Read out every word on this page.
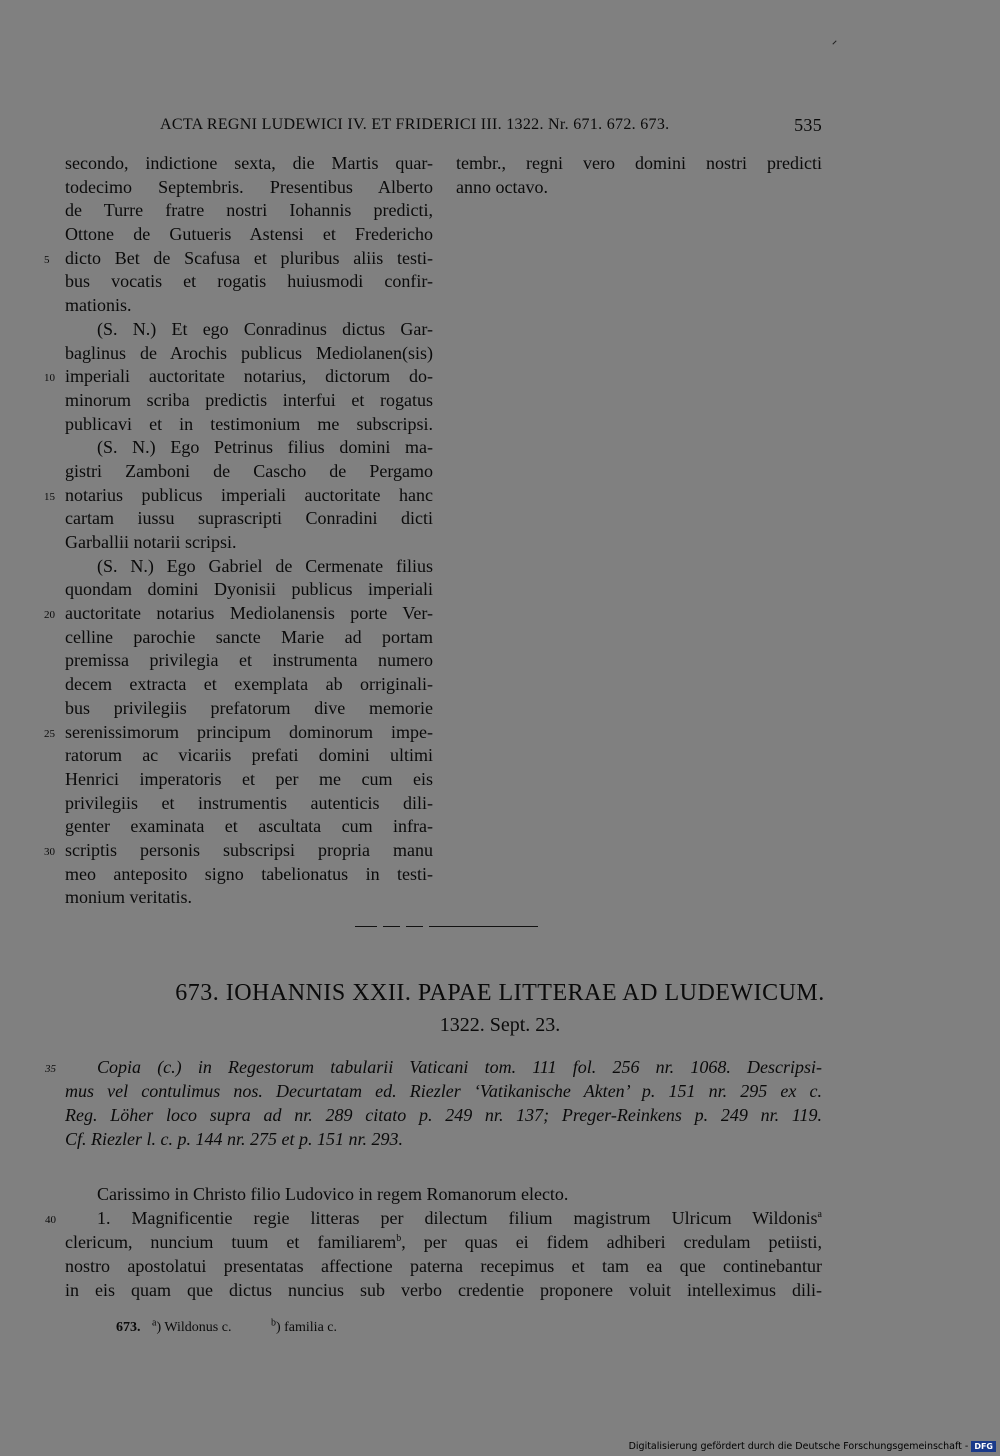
ACTA REGNI LUDEWICI IV. ET FRIDERICI III. 1322. Nr. 671. 672. 673.	535
secondo, indictione sexta, die Martis quar-
todecimo Septembris. Presentibus Alberto
de Turre fratre nostri Iohannis predicti,
Ottone de Gutueris Astensi et Fredericho
5 dicto Bet de Scafusa et pluribus aliis testi-
bus vocatis et rogatis huiusmodi confir-
mationis.
(S. N.) Et ego Conradinus dictus Gar-
baglinus de Arochis publicus Mediolanen(sis)
10 imperiali auctoritate notarius, dictorum do-
minorum scriba predictis interfui et rogatus
publicavi et in testimonium me subscripsi.
(S. N.) Ego Petrinus filius domini ma-
gistri Zamboni de Cascho de Pergamo
15 notarius publicus imperiali auctoritate hanc
cartam iussu suprascripti Conradini dicti
Garballii notarii scripsi.
(S. N.) Ego Gabriel de Cermenate filius
quondam domini Dyonisii publicus imperiali
20 auctoritate notarius Mediolanensis porte Ver-
celline parochie sancte Marie ad portam
premissa privilegia et instrumenta numero
decem extracta et exemplata ab orriginali-
bus privilegiis prefatorum dive memorie
25 serenissimorum principum dominorum impe-
ratorum ac vicariis prefati domini ultimi
Henrici imperatoris et per me cum eis
privilegiis et instrumentis autenticis dili-
genter examinata et ascultata cum infra-
30 scriptis personis subscripsi propria manu
meo anteposito signo tabelionatus in testi-
monium veritatis.
tembr., regni vero domini nostri predicti
anno octavo.
673. IOHANNIS XXII. PAPAE LITTERAE AD LUDEWICUM.
1322. Sept. 23.
35 Copia (c.) in Regestorum tabularii Vaticani tom. 111 fol. 256 nr. 1068. Descripsi-
mus vel contulimus nos. Decurtatam ed. Riezler ‘Vatikanische Akten’ p. 151 nr. 295 ex c.
Reg. Löher loco supra ad nr. 289 citato p. 249 nr. 137; Preger-Reinkens p. 249 nr. 119.
Cf. Riezler l. c. p. 144 nr. 275 et p. 151 nr. 293.
Carissimo in Christo filio Ludovico in regem Romanorum electo.
40 1. Magnificentie regie litteras per dilectum filium magistrum Ulricum Wildonis$^a$
clericum, nuncium tuum et familiarem$^b$, per quas ei fidem adhiberi credulam petiisti,
nostro apostolatui presentatas affectione paterna recepimus et tam ea que continebantur
in eis quam que dictus nuncius sub verbo credentie proponere voluit intelleximus dili-
673. $^a$) Wildonus c.	$^b$) familia c.
Digitalisierung gefördert durch die Deutsche Forschungsgemeinschaft - DFG
